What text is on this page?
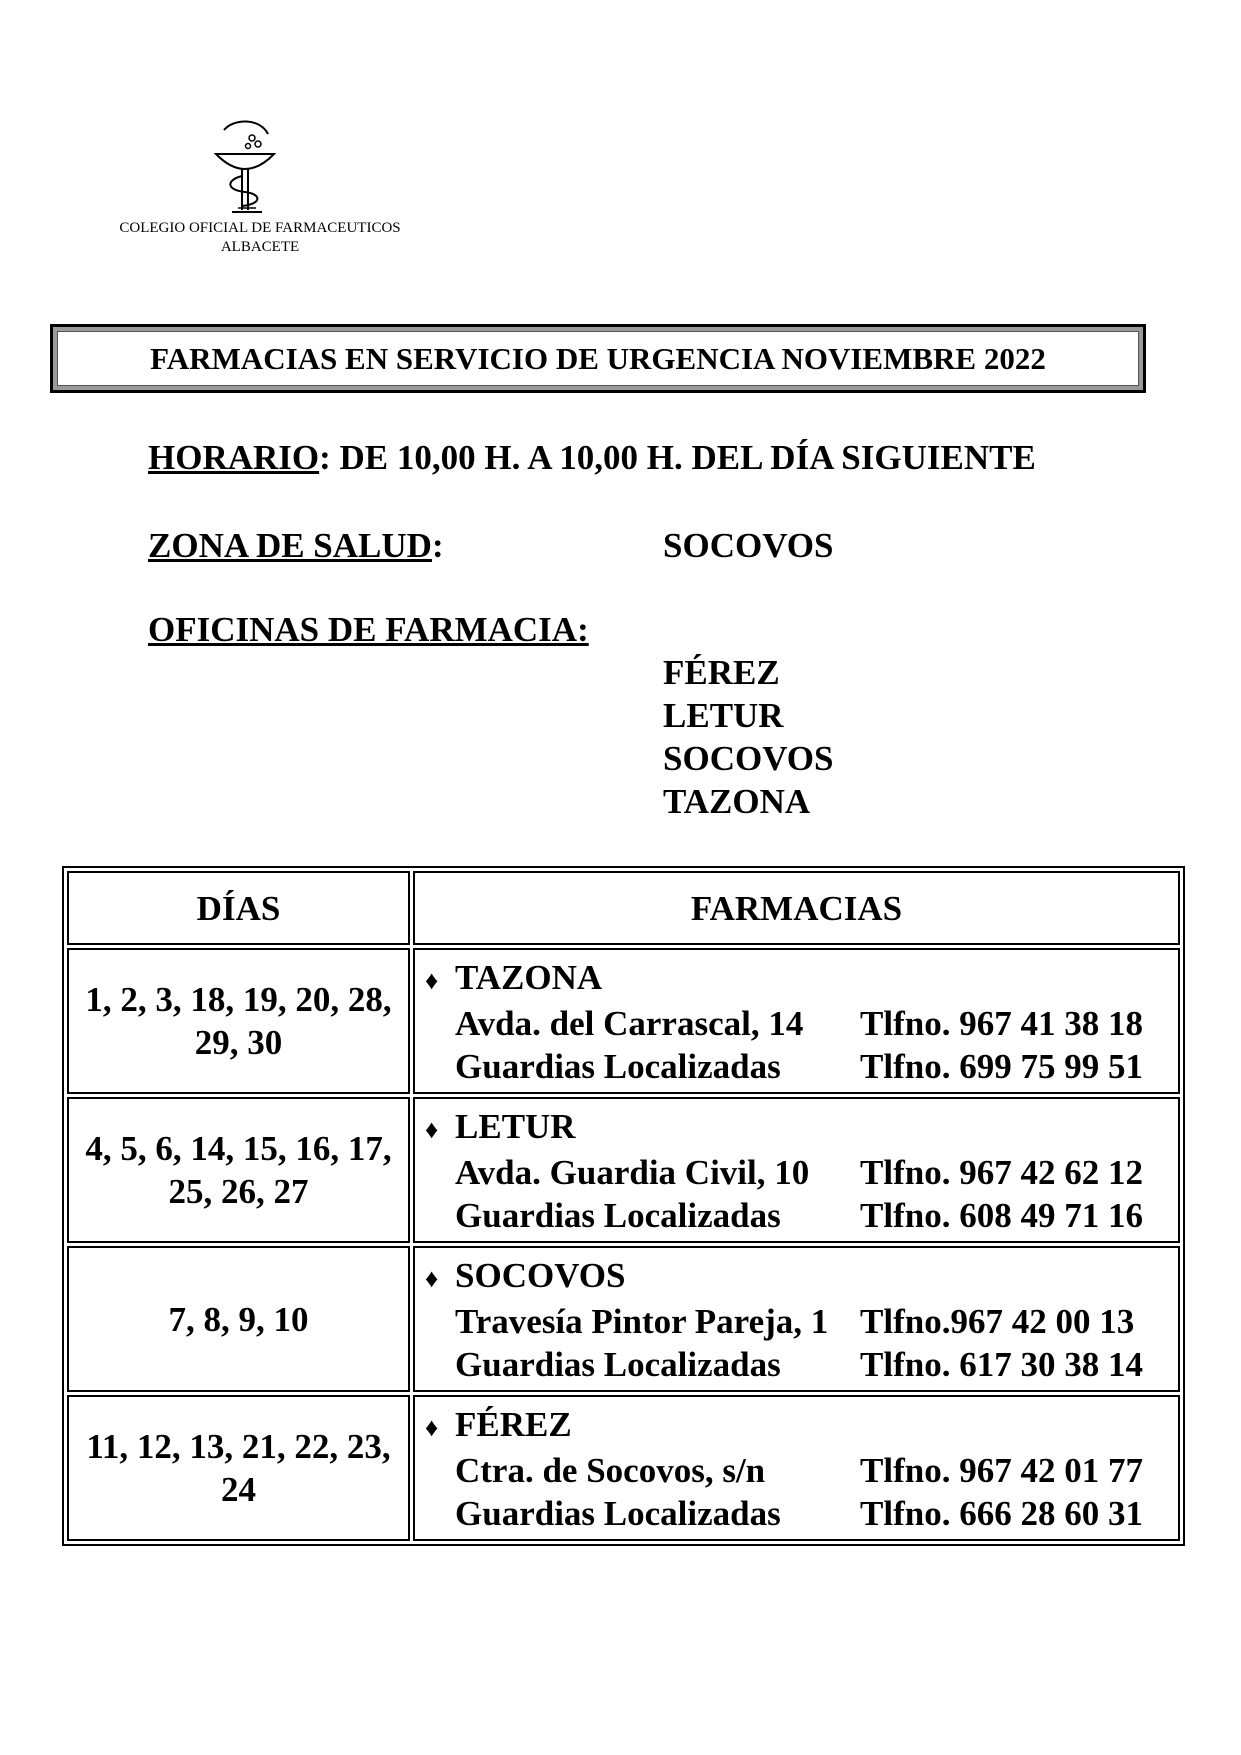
COLEGIO OFICIAL DE FARMACEUTICOS
ALBACETE
FARMACIAS EN SERVICIO DE URGENCIA NOVIEMBRE 2022
HORARIO: DE 10,00 H. A 10,00 H. DEL DÍA SIGUIENTE
ZONA DE SALUD:	SOCOVOS
OFICINAS DE FARMACIA:
FÉREZ
LETUR
SOCOVOS
TAZONA
DÍAS	FARMACIAS
1, 2, 3, 18, 19, 20, 28, 29, 30	♦ TAZONA
Avda. del Carrascal, 14 Tlfno. 967 41 38 18
Guardias Localizadas Tlfno. 699 75 99 51

4, 5, 6, 14, 15, 16, 17, 25, 26, 27	♦ LETUR
Avda. Guardia Civil, 10 Tlfno. 967 42 62 12
Guardias Localizadas Tlfno. 608 49 71 16

7, 8, 9, 10	♦ SOCOVOS
Travesía Pintor Pareja, 1 Tlfno.967 42 00 13
Guardias Localizadas Tlfno. 617 30 38 14

11, 12, 13, 21, 22, 23, 24	♦ FÉREZ
Ctra. de Socovos, s/n Tlfno. 967 42 01 77
Guardias Localizadas Tlfno. 666 28 60 31
